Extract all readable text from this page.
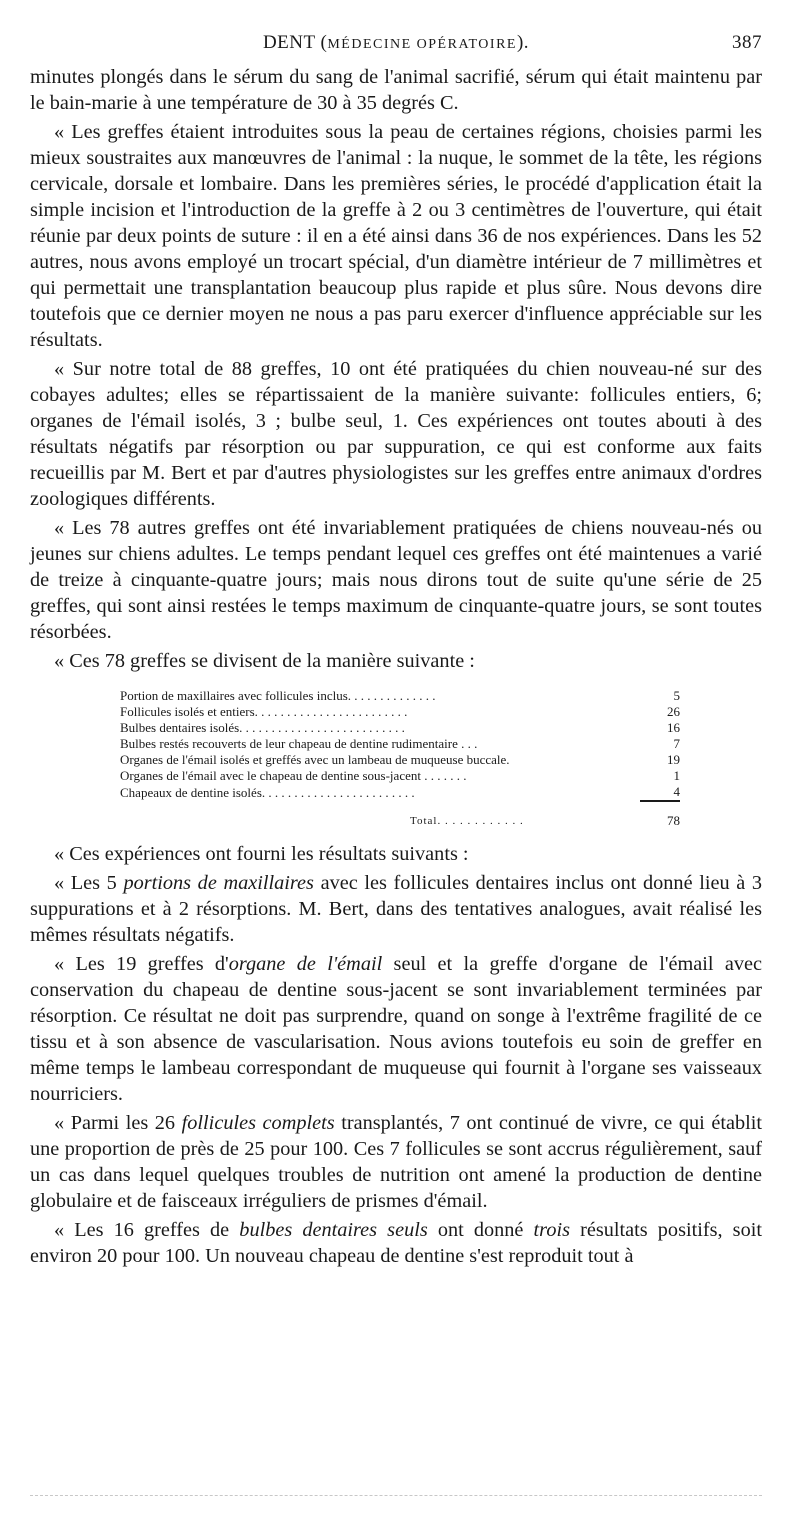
DENT (MÉDECINE OPÉRATOIRE).	387

minutes plongés dans le sérum du sang de l'animal sacrifié, sérum qui était maintenu par le bain-marie à une température de 30 à 35 degrés C.

« Les greffes étaient introduites sous la peau de certaines régions, choisies parmi les mieux soustraites aux manœuvres de l'animal : la nuque, le sommet de la tête, les régions cervicale, dorsale et lombaire. Dans les premières séries, le procédé d'application était la simple incision et l'introduction de la greffe à 2 ou 3 centimètres de l'ouverture, qui était réunie par deux points de suture : il en a été ainsi dans 36 de nos expériences. Dans les 52 autres, nous avons employé un trocart spécial, d'un diamètre intérieur de 7 millimètres et qui permettait une transplantation beaucoup plus rapide et plus sûre. Nous devons dire toutefois que ce dernier moyen ne nous a pas paru exercer d'influence appréciable sur les résultats.

« Sur notre total de 88 greffes, 10 ont été pratiquées du chien nouveau-né sur des cobayes adultes; elles se répartissaient de la manière suivante: follicules entiers, 6; organes de l'émail isolés, 3 ; bulbe seul, 1. Ces expériences ont toutes abouti à des résultats négatifs par résorption ou par suppuration, ce qui est conforme aux faits recueillis par M. Bert et par d'autres physiologistes sur les greffes entre animaux d'ordres zoologiques différents.

« Les 78 autres greffes ont été invariablement pratiquées de chiens nouveau-nés ou jeunes sur chiens adultes. Le temps pendant lequel ces greffes ont été maintenues a varié de treize à cinquante-quatre jours; mais nous dirons tout de suite qu'une série de 25 greffes, qui sont ainsi restées le temps maximum de cinquante-quatre jours, se sont toutes résorbées.

« Ces 78 greffes se divisent de la manière suivante :

Portion de maxillaires avec follicules inclus. . . . . . . . . . . . . .	5
Follicules isolés et entiers. . . . . . . . . . . . . . . . . . . . . . . .	26
Bulbes dentaires isolés. . . . . . . . . . . . . . . . . . . . . . . . . .	16
Bulbes restés recouverts de leur chapeau de dentine rudimentaire . . .	7
Organes de l'émail isolés et greffés avec un lambeau de muqueuse buccale.	19
Organes de l'émail avec le chapeau de dentine sous-jacent . . . . . . .	1
Chapeaux de dentine isolés. . . . . . . . . . . . . . . . . . . . . . . .	4
Total. . . . . . . . . . . .	78

« Ces expériences ont fourni les résultats suivants :

« Les 5 portions de maxillaires avec les follicules dentaires inclus ont donné lieu à 3 suppurations et à 2 résorptions. M. Bert, dans des tentatives analogues, avait réalisé les mêmes résultats négatifs.

« Les 19 greffes d'organe de l'émail seul et la greffe d'organe de l'émail avec conservation du chapeau de dentine sous-jacent se sont invariablement terminées par résorption. Ce résultat ne doit pas surprendre, quand on songe à l'extrême fragilité de ce tissu et à son absence de vascularisation. Nous avions toutefois eu soin de greffer en même temps le lambeau correspondant de muqueuse qui fournit à l'organe ses vaisseaux nourriciers.

« Parmi les 26 follicules complets transplantés, 7 ont continué de vivre, ce qui établit une proportion de près de 25 pour 100. Ces 7 follicules se sont accrus régulièrement, sauf un cas dans lequel quelques troubles de nutrition ont amené la production de dentine globulaire et de faisceaux irréguliers de prismes d'émail.

« Les 16 greffes de bulbes dentaires seuls ont donné trois résultats positifs, soit environ 20 pour 100. Un nouveau chapeau de dentine s'est reproduit tout à
